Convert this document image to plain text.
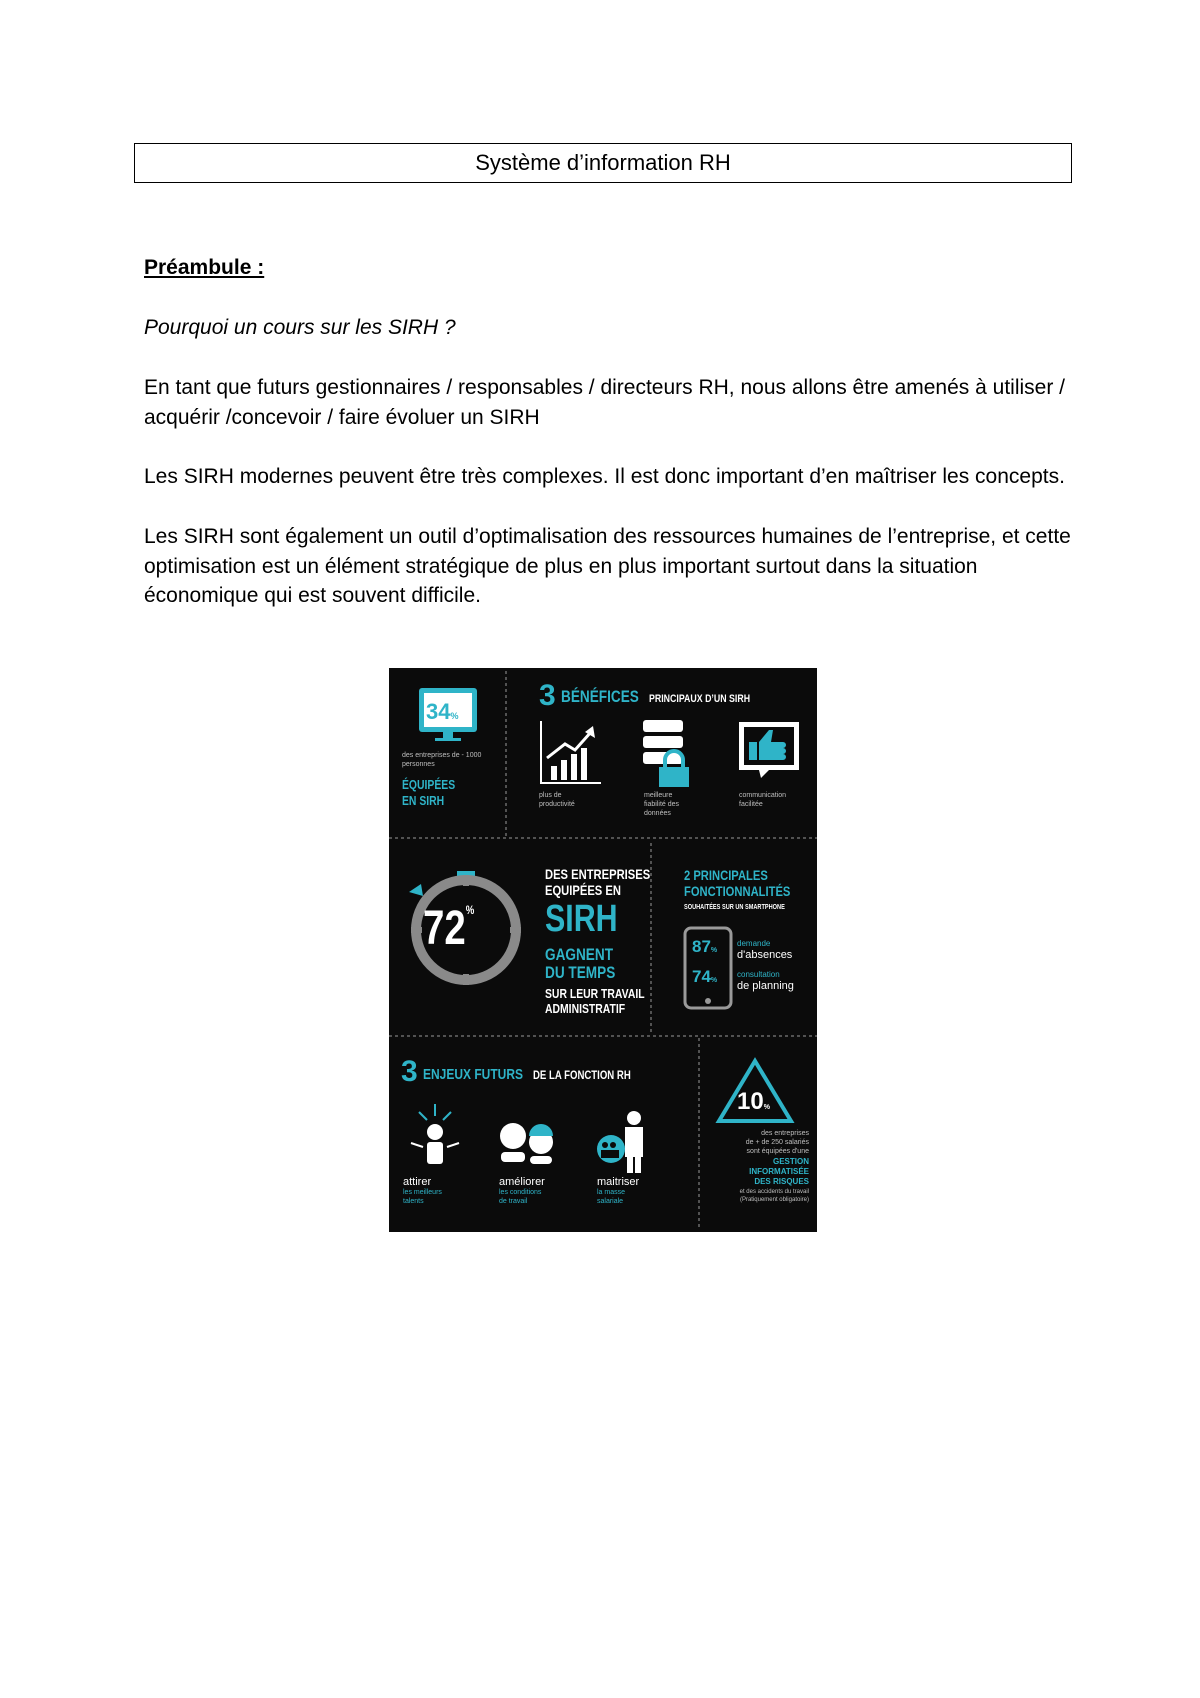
Système d’information RH
Préambule :
Pourquoi un cours sur les SIRH ?

En tant que futurs gestionnaires / responsables / directeurs RH, nous allons être amenés à utiliser / acquérir /concevoir / faire évoluer un SIRH

Les SIRH modernes peuvent être très complexes. Il est donc important d’en maîtriser les concepts.

Les SIRH sont également un outil d’optimalisation des ressources humaines de l’entreprise, et cette optimisation est un élément stratégique de plus en plus important surtout dans la situation économique qui est souvent difficile.

34%
des entreprises de - 1000 personnes
ÉQUIPÉES
EN SIRH
3 BÉNÉFICES PRINCIPAUX D’UN SIRH
plus de productivité
meilleure fiabilité des données
communication facilitée
72%
DES ENTREPRISES
EQUIPÉES EN
SIRH
GAGNENT
DU TEMPS
SUR LEUR TRAVAIL
ADMINISTRATIF
2 PRINCIPALES
FONCTIONNALITÉS
SOUHAITÉES SUR UN SMARTPHONE
87%
74%
demande
d'absences
consultation
de planning
3 ENJEUX FUTURS DE LA FONCTION RH
attirer
les meilleurs
talents
améliorer
les conditions
de travail
maitriser
la masse
salariale
10%
des entreprises
de + de 250 salariés
sont équipées d'une
GESTION
INFORMATISÉE
DES RISQUES
et des accidents du travail
(Pratiquement obligatoire)
